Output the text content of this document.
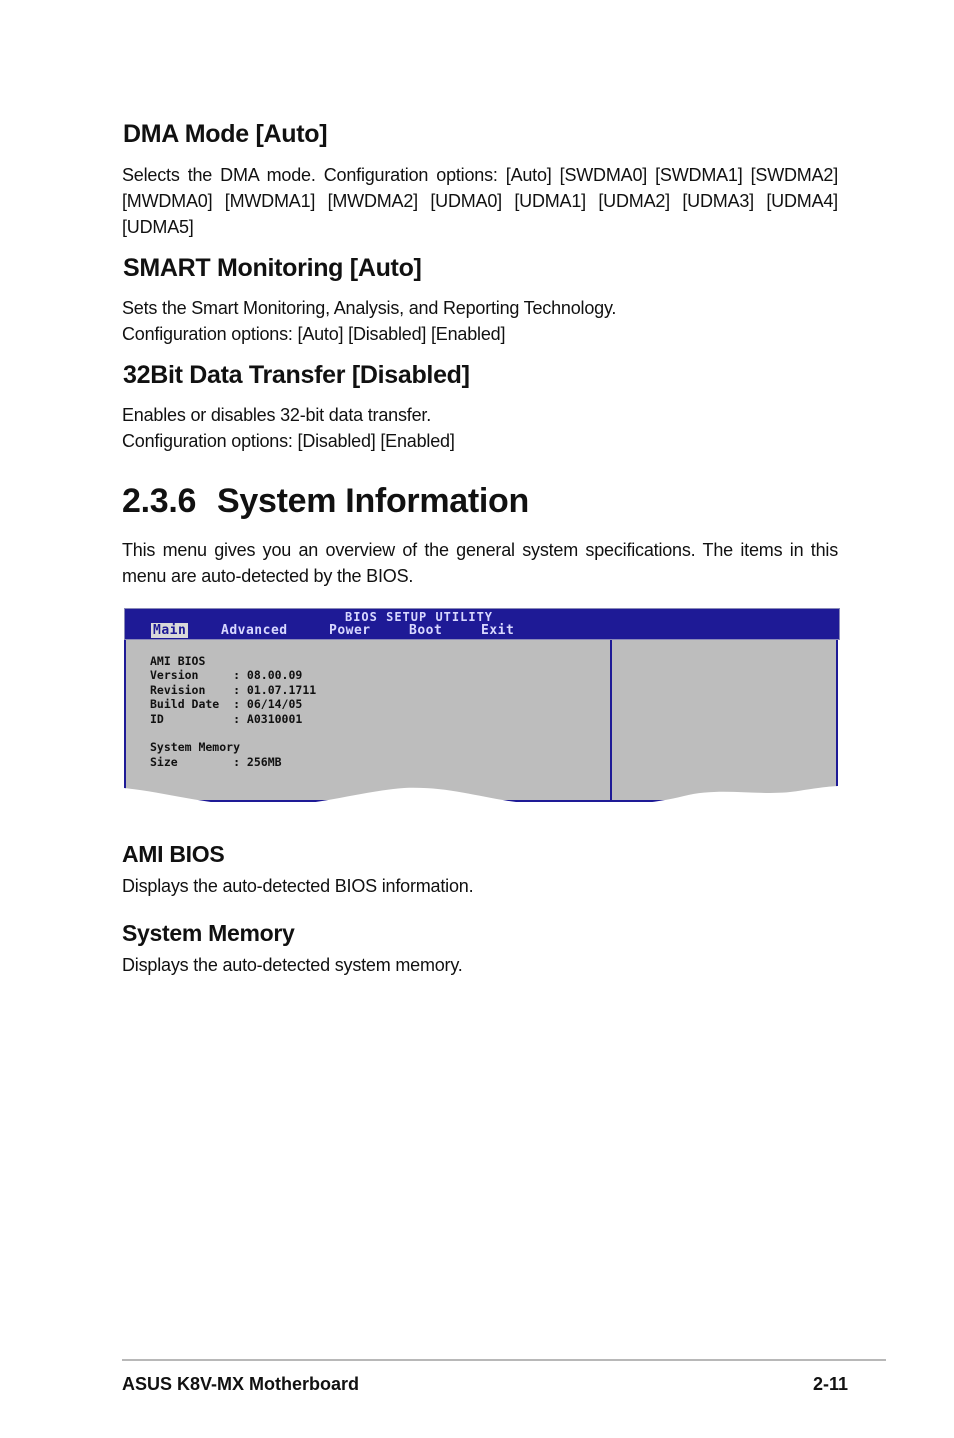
DMA Mode [Auto]

Selects the DMA mode. Configuration options: [Auto] [SWDMA0] [SWDMA1] [SWDMA2] [MWDMA0] [MWDMA1] [MWDMA2] [UDMA0] [UDMA1] [UDMA2] [UDMA3] [UDMA4] [UDMA5]

SMART Monitoring [Auto]

Sets the Smart Monitoring, Analysis, and Reporting Technology.

Configuration options: [Auto] [Disabled] [Enabled]

32Bit Data Transfer [Disabled]

Enables or disables 32-bit data transfer.

Configuration options: [Disabled] [Enabled]

2.3.6 System Information

This menu gives you an overview of the general system specifications. The items in this menu are auto-detected by the BIOS.

BIOS SETUP UTILITY
Main	Advanced	Power	Boot	Exit
AMI BIOS
Version     : 08.00.09
Revision    : 01.07.1711
Build Date  : 06/14/05
ID          : A0310001

System Memory
Size        : 256MB
AMI BIOS

Displays the auto-detected BIOS information.

System Memory

Displays the auto-detected system memory.

ASUS K8V-MX Motherboard	2-11
